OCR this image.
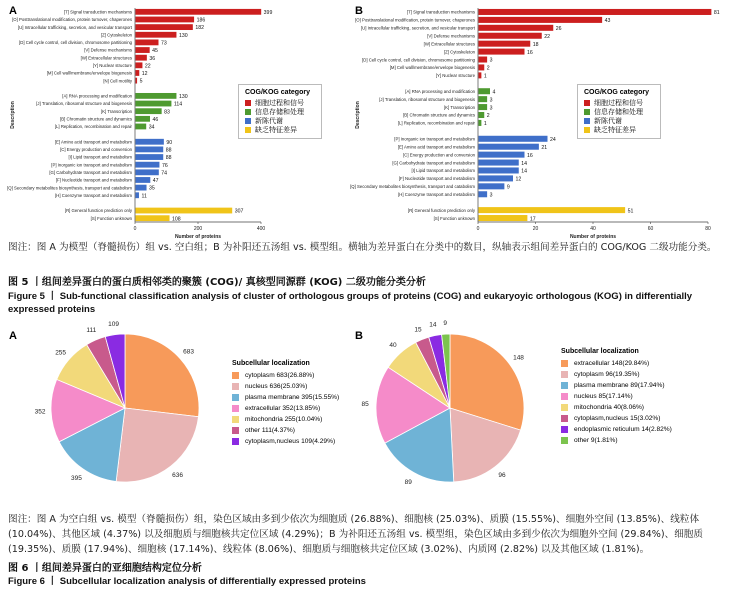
A	B
[T] Signal transduction mechanisms	399
[O] Posttranslational modification, protein turnover, chaperones	186
[U] Intracellular trafficking, secretion, and vesicular transport	182
[Z] Cytoskeleton	130
[D] Cell cycle control, cell division, chromosome partitioning	73
[V] Defense mechanisms	45
[W] Extracellular structures	36
[Y] Nuclear structure 22
[M] Cell wall/membrane/envelope biogenesis 12
[N] Cell motility 5
[A] RNA processing and modification	130
[J] Translation, ribosomal structure and biogenesis	114
[K] Transcription	83
[B] Chromatin structure and dynamics	46
[L] Replication, recombination and repair	34
[E] Amino acid transport and metabolism	90
[C] Energy production and conversion	88
[I] Lipid transport and metabolism	88
[P] Inorganic ion transport and metabolism	76
[G] Carbohydrate transport and metabolism	74
[F] Nucleotide transport and metabolism	47
[Q] Secondary metabolites biosynthesis, transport and catabolism	35
[H] Coenzyme transport and metabolism 11
[R] General function prediction only	307
[S] Function unknown	108
0	200	400
Number of proteins
Description
[T] Signal transduction mechanisms	81
[O] Posttranslational modification, protein turnover, chaperones	43
[U] Intracellular trafficking, secretion, and vesicular transport	26
[V] Defense mechanisms	22
[W] Extracellular structures	18
[Z] Cytoskeleton	16
[D] Cell cycle control, cell division, chromosome partitioning	3
[M] Cell wall/membrane/envelope biogenesis 2
[Y] Nuclear structure 1
[A] RNA processing and modification	4
[J] Translation, ribosomal structure and biogenesis	3
[K] Transcription	3
[B] Chromatin structure and dynamics 2
[L] Replication, recombination and repair 1
[P] Inorganic ion transport and metabolism	24
[E] Amino acid transport and metabolism	21
[C] Energy production and conversion	16
[G] Carbohydrate transport and metabolism	14
[I] Lipid transport and metabolism	14
[F] Nucleotide transport and metabolism	12
[Q] Secondary metabolites biosynthesis, transport and catabolism	9
[H] Coenzyme transport and metabolism	3
[R] General function prediction only	51
[S] Function unknown	17
0	20	40	60	80
Number of proteins
Description
COG/KOG category
细胞过程和信号
信息存储和处理
新陈代谢
缺乏特征差异
COG/KOG category
细胞过程和信号
信息存储和处理
新陈代谢
缺乏特征差异
图注：图 A 为模型（脊髓损伤）组 vs. 空白组；B 为补阳还五汤组 vs. 模型组。横轴为差异蛋白在分类中的数目，纵轴表示组间差异蛋白的 COG/KOG 二级功能分类。
图 5 丨组间差异蛋白的蛋白质相邻类的聚簇 (COG)/ 真核型同源群 (KOG) 二级功能分类分析
Figure 5 丨 Sub-functional classification analysis of cluster of orthologous groups of proteins (COG) and eukaryoyic orthologous (KOG) in differentially expressed proteins
A	B
683
636
395
352
255
111
109
148
96
89
85
40
15
14 9
Subcellular localization
cytoplasm 683(26.88%)
nucleus 636(25.03%)
plasma membrane 395(15.55%)
extracellular 352(13.85%)
mitochondria 255(10.04%)
other 111(4.37%)
cytoplasm,nucleus 109(4.29%)
Subcellular localization
extracellular 148(29.84%)
cytoplasm 96(19.35%)
plasma membrane 89(17.94%)
nucleus 85(17.14%)
mitochondria 40(8.06%)
cytoplasm,nucleus 15(3.02%)
endoplasmic reticulum 14(2.82%)
other 9(1.81%)
图注：图 A 为空白组 vs. 模型（脊髓损伤）组，染色区域由多到少依次为细胞质 (26.88%)、细胞核 (25.03%)、质膜 (15.55%)、细胞外空间 (13.85%)、线粒体 (10.04%)、其他区域 (4.37%) 以及细胞质与细胞核共定位区域 (4.29%)；B 为补阳还五汤组 vs. 模型组，染色区域由多到少依次为细胞外空间 (29.84%)、细胞质 (19.35%)、质膜 (17.94%)、细胞核 (17.14%)、线粒体 (8.06%)、细胞质与细胞核共定位区域 (3.02%)、内质网 (2.82%) 以及其他区域 (1.81%)。
图 6 丨组间差异蛋白的亚细胞结构定位分析
Figure 6 丨 Subcellular localization analysis of differentially expressed proteins
